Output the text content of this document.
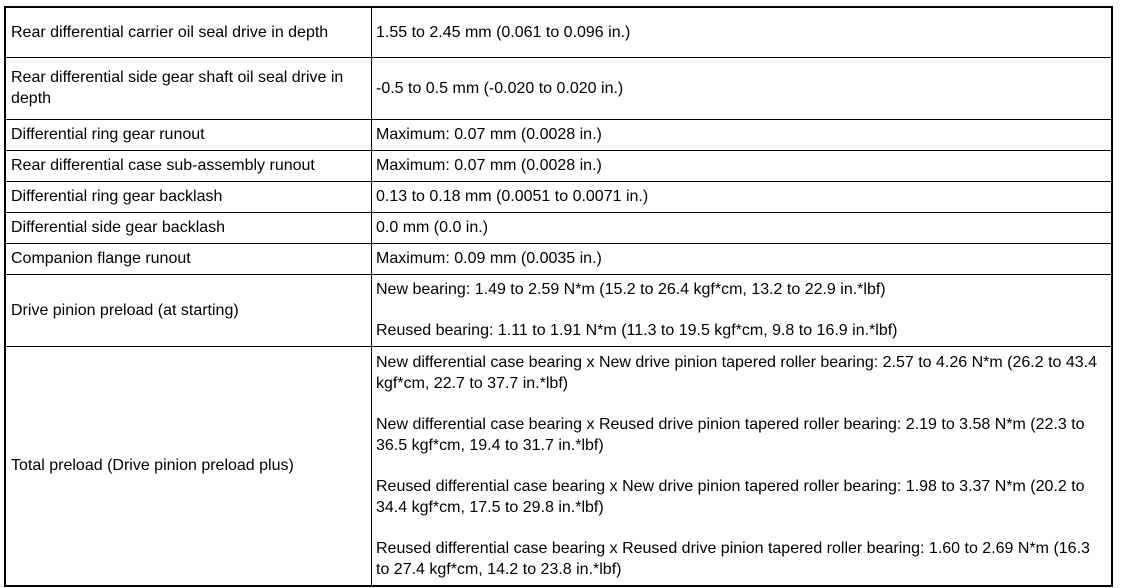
Rear differential carrier oil seal drive in depth	1.55 to 2.45 mm (0.061 to 0.096 in.)
Rear differential side gear shaft oil seal drive in depth	-0.5 to 0.5 mm (-0.020 to 0.020 in.)
Differential ring gear runout	Maximum: 0.07 mm (0.0028 in.)
Rear differential case sub-assembly runout	Maximum: 0.07 mm (0.0028 in.)
Differential ring gear backlash	0.13 to 0.18 mm (0.0051 to 0.0071 in.)
Differential side gear backlash	0.0 mm (0.0 in.)
Companion flange runout	Maximum: 0.09 mm (0.0035 in.)
Drive pinion preload (at starting)	New bearing: 1.49 to 2.59 N*m (15.2 to 26.4 kgf*cm, 13.2 to 22.9 in.*lbf)
Reused bearing: 1.11 to 1.91 N*m (11.3 to 19.5 kgf*cm, 9.8 to 16.9 in.*lbf)

Total preload (Drive pinion preload plus)	New differential case bearing x New drive pinion tapered roller bearing: 2.57 to 4.26 N*m (26.2 to 43.4 kgf*cm, 22.7 to 37.7 in.*lbf)
New differential case bearing x Reused drive pinion tapered roller bearing: 2.19 to 3.58 N*m (22.3 to 36.5 kgf*cm, 19.4 to 31.7 in.*lbf)
Reused differential case bearing x New drive pinion tapered roller bearing: 1.98 to 3.37 N*m (20.2 to 34.4 kgf*cm, 17.5 to 29.8 in.*lbf)
Reused differential case bearing x Reused drive pinion tapered roller bearing: 1.60 to 2.69 N*m (16.3 to 27.4 kgf*cm, 14.2 to 23.8 in.*lbf)
